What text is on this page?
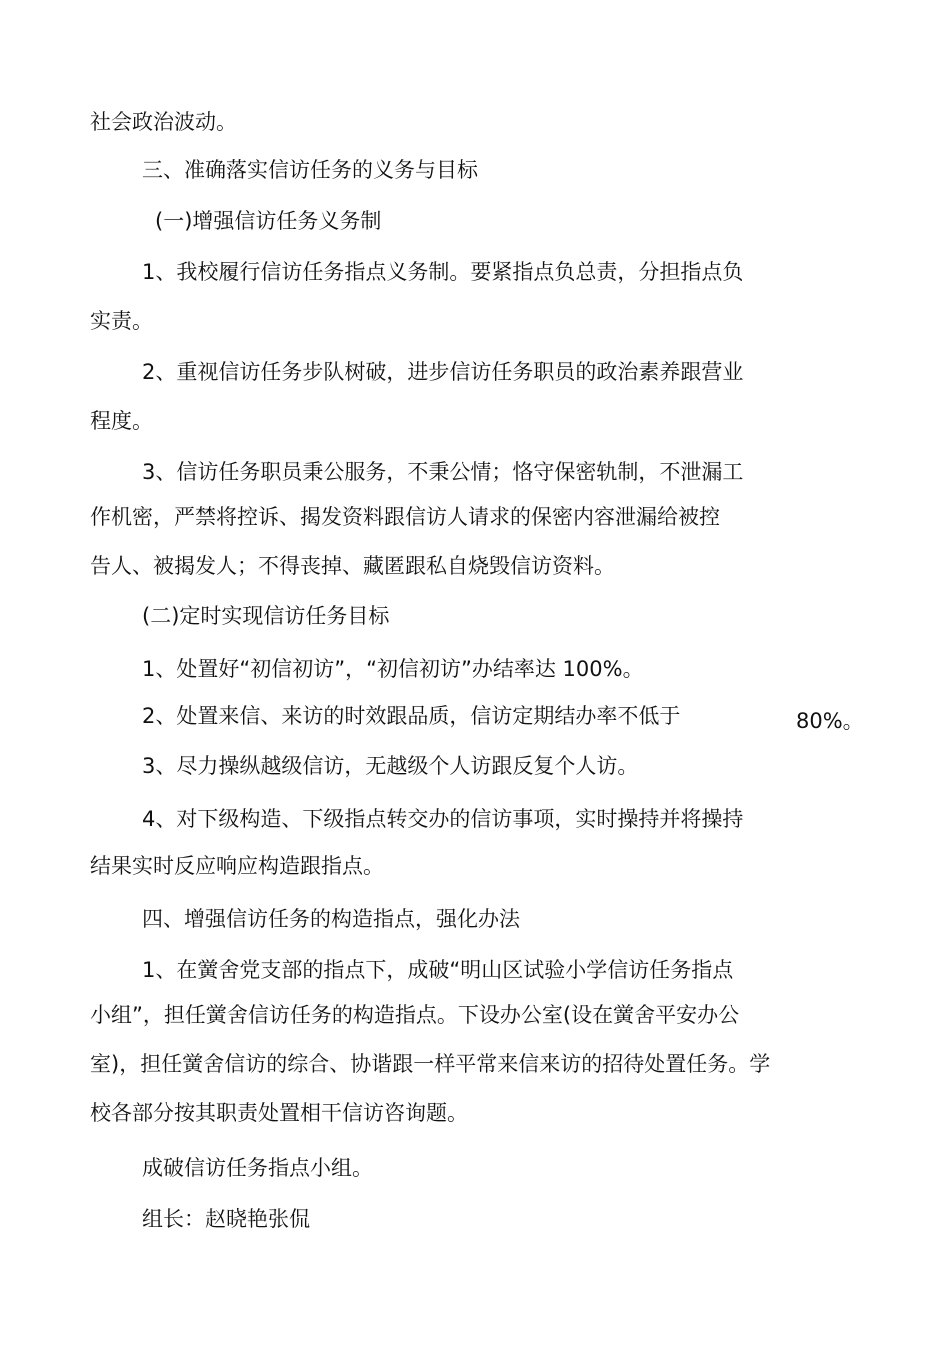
社会政治波动。
三、准确落实信访任务的义务与目标
(一)增强信访任务义务制
1、我校履行信访任务指点义务制。要紧指点负总责，分担指点负
实责。
2、重视信访任务步队树破，进步信访任务职员的政治素养跟营业
程度。
3、信访任务职员秉公服务，不秉公情；恪守保密轨制，不泄漏工
作机密，严禁将控诉、揭发资料跟信访人请求的保密内容泄漏给被控
告人、被揭发人；不得丧掉、藏匿跟私自烧毁信访资料。
(二)定时实现信访任务目标
1、处置好“初信初访”，“初信初访”办结率达 100%。
2、处置来信、来访的时效跟品质，信访定期结办率不低于	80%。
3、尽力操纵越级信访，无越级个人访跟反复个人访。
4、对下级构造、下级指点转交办的信访事项，实时操持并将操持
结果实时反应响应构造跟指点。
四、增强信访任务的构造指点，强化办法
1、在黉舍党支部的指点下，成破“明山区试验小学信访任务指点
小组”，担任黉舍信访任务的构造指点。下设办公室(设在黉舍平安办公
室)，担任黉舍信访的综合、协谐跟一样平常来信来访的招待处置任务。学
校各部分按其职责处置相干信访咨询题。
成破信访任务指点小组。
组长：赵晓艳张侃
